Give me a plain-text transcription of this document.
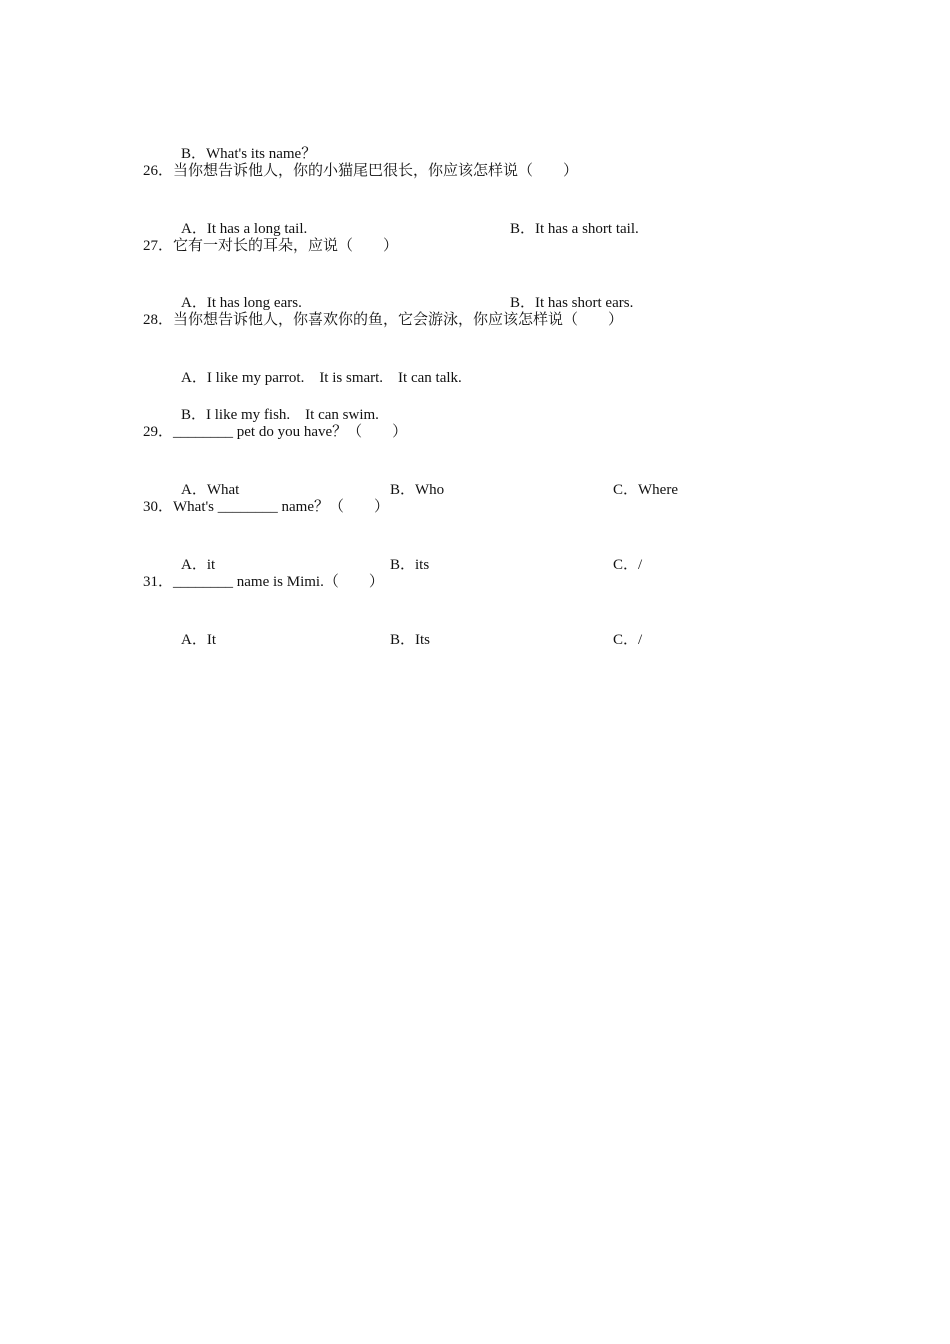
B．What's its name？

26．当你想告诉他人，你的小猫尾巴很长，你应该怎样说（　　）

A．It has a long tail.
	B．It has a short tail.

27．它有一对长的耳朵，应说（　　）

A．It has long ears.
	B．It has short ears.

28．当你想告诉他人，你喜欢你的鱼，它会游泳，你应该怎样说（　　）

A．I like my parrot.　It is smart.　It can talk.

B．I like my fish.　It can swim.

29．________ pet do you have？（　　）

A．What
	B．Who
	C．Where

30．What's ________ name？（　　）

A．it
	B．its
	C．/

31．________ name is Mimi.（　　）

A．It
	B．Its
	C．/
